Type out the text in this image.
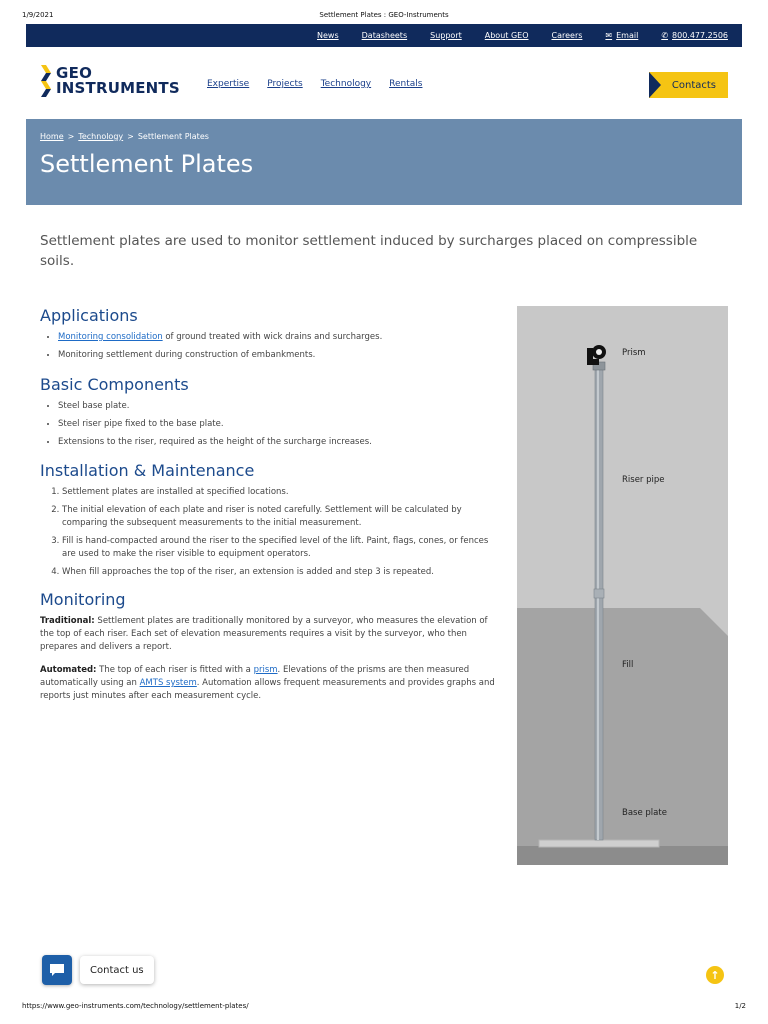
1/9/2021	Settlement Plates : GEO-Instruments
News	Datasheets	Support	About GEO	Careers	✉ Email	✆ 800.477.2506
GEO
INSTRUMENTS	Expertise Projects Technology Rentals	Contacts
Home > Technology > Settlement Plates
Settlement Plates

Settlement plates are used to monitor settlement induced by surcharges placed on compressible soils.

Applications
• Monitoring consolidation of ground treated with wick drains and surcharges.
• Monitoring settlement during construction of embankments.
Basic Components
• Steel base plate.
• Steel riser pipe fixed to the base plate.
• Extensions to the riser, required as the height of the surcharge increases.
Installation & Maintenance
1. Settlement plates are installed at specified locations.
2. The initial elevation of each plate and riser is noted carefully. Settlement will be calculated by comparing the subsequent measurements to the initial measurement.
3. Fill is hand-compacted around the riser to the specified level of the lift. Paint, flags, cones, or fences are used to make the riser visible to equipment operators.
4. When fill approaches the top of the riser, an extension is added and step 3 is repeated.
Monitoring

Traditional: Settlement plates are traditionally monitored by a surveyor, who measures the elevation of the top of each riser. Each set of elevation measurements requires a visit by the surveyor, who then prepares and delivers a report.

Automated: The top of each riser is fitted with a prism. Elevations of the prisms are then measured automatically using an AMTS system. Automation allows frequent measurements and provides graphs and reports just minutes after each measurement cycle.

Prism
Riser pipe
Fill
Base plate
Contact us	↑
https://www.geo-instruments.com/technology/settlement-plates/	1/2
